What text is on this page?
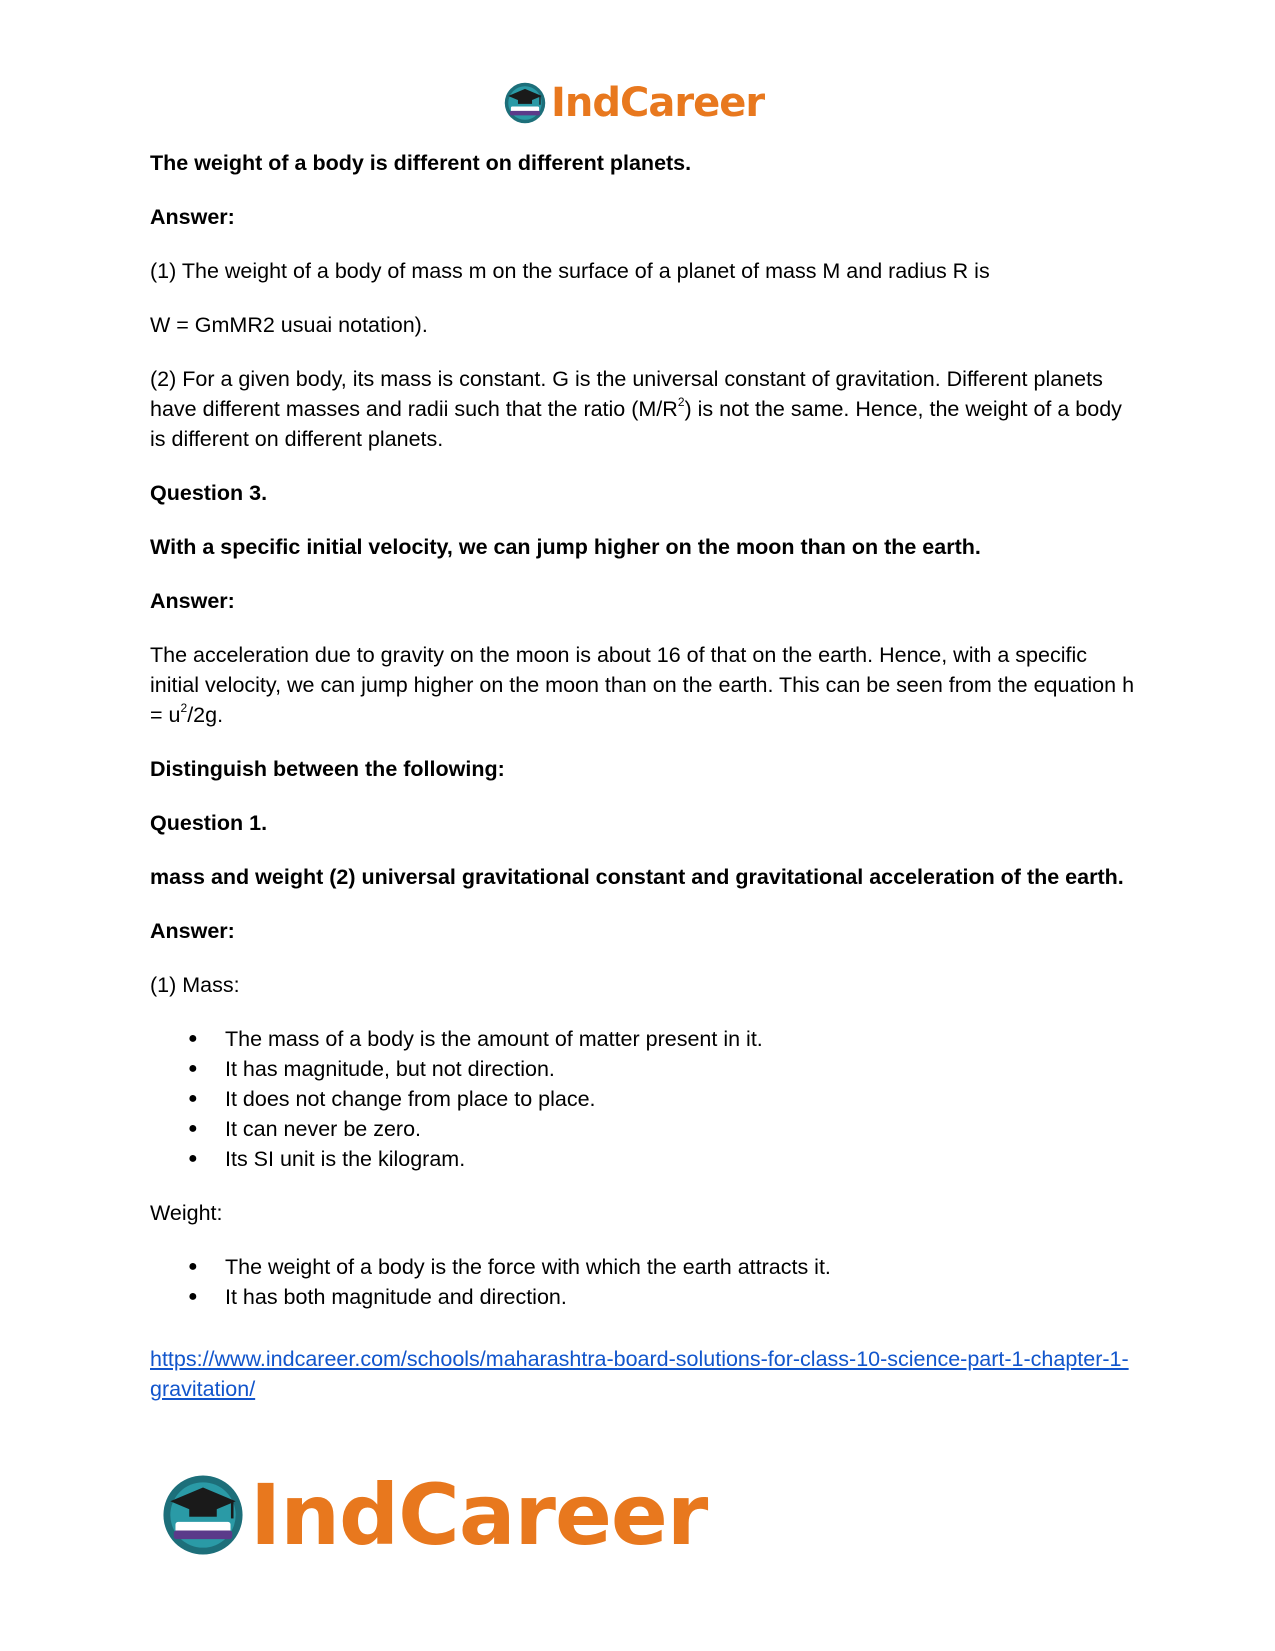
IndCareer

The weight of a body is different on different planets.

Answer:

(1) The weight of a body of mass m on the surface of a planet of mass M and radius R is

W = GmMR2 usuai notation).

(2) For a given body, its mass is constant. G is the universal constant of gravitation. Different planets have different masses and radii such that the ratio $(M/R^2)$ is not the same. Hence, the weight of a body is different on different planets.

Question 3.

With a specific initial velocity, we can jump higher on the moon than on the earth.

Answer:

The acceleration due to gravity on the moon is about 16 of that on the earth. Hence, with a specific initial velocity, we can jump higher on the moon than on the earth. This can be seen from the equation $h = u^2/2g$.

Distinguish between the following:

Question 1.

mass and weight (2) universal gravitational constant and gravitational acceleration of the earth.

Answer:

(1) Mass:

● The mass of a body is the amount of matter present in it.
● It has magnitude, but not direction.
● It does not change from place to place.
● It can never be zero.
● Its SI unit is the kilogram.

Weight:

● The weight of a body is the force with which the earth attracts it.
● It has both magnitude and direction.
https://www.indcareer.com/schools/maharashtra-board-solutions-for-class-10-science-part-1-chapter-1-gravitation/
IndCareer
